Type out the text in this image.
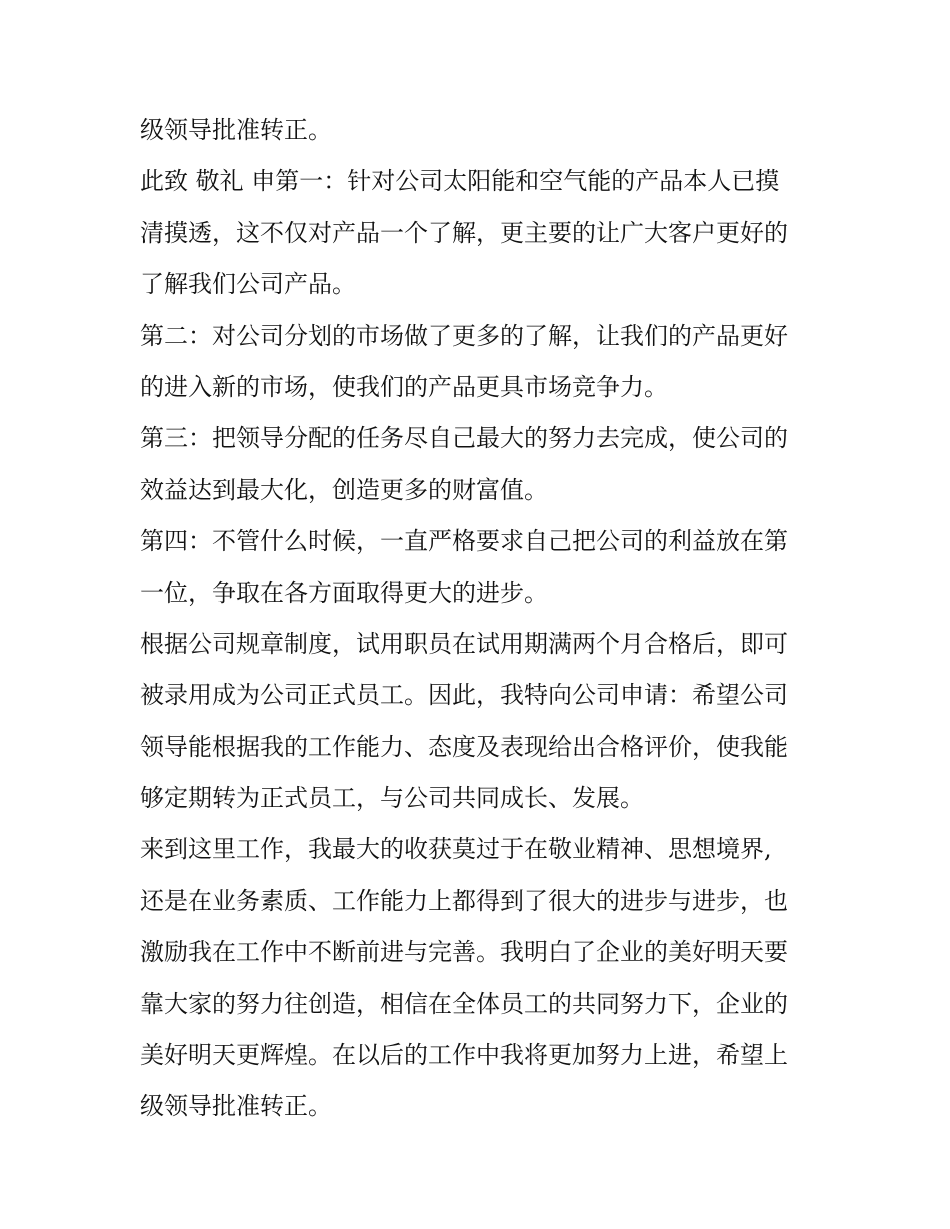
级领导批准转正。
此致 敬礼 申第一：针对公司太阳能和空气能的产品本人已摸
清摸透，这不仅对产品一个了解，更主要的让广大客户更好的
了解我们公司产品。
第二：对公司分划的市场做了更多的了解，让我们的产品更好
的进入新的市场，使我们的产品更具市场竞争力。
第三：把领导分配的任务尽自己最大的努力去完成，使公司的
效益达到最大化，创造更多的财富值。
第四：不管什么时候，一直严格要求自己把公司的利益放在第
一位，争取在各方面取得更大的进步。
根据公司规章制度，试用职员在试用期满两个月合格后，即可
被录用成为公司正式员工。因此，我特向公司申请：希望公司
领导能根据我的工作能力、态度及表现给出合格评价，使我能
够定期转为正式员工，与公司共同成长、发展。
来到这里工作，我最大的收获莫过于在敬业精神、思想境界,
还是在业务素质、工作能力上都得到了很大的进步与进步，也
激励我在工作中不断前进与完善。我明白了企业的美好明天要
靠大家的努力往创造，相信在全体员工的共同努力下，企业的
美好明天更辉煌。在以后的工作中我将更加努力上进，希望上
级领导批准转正。
